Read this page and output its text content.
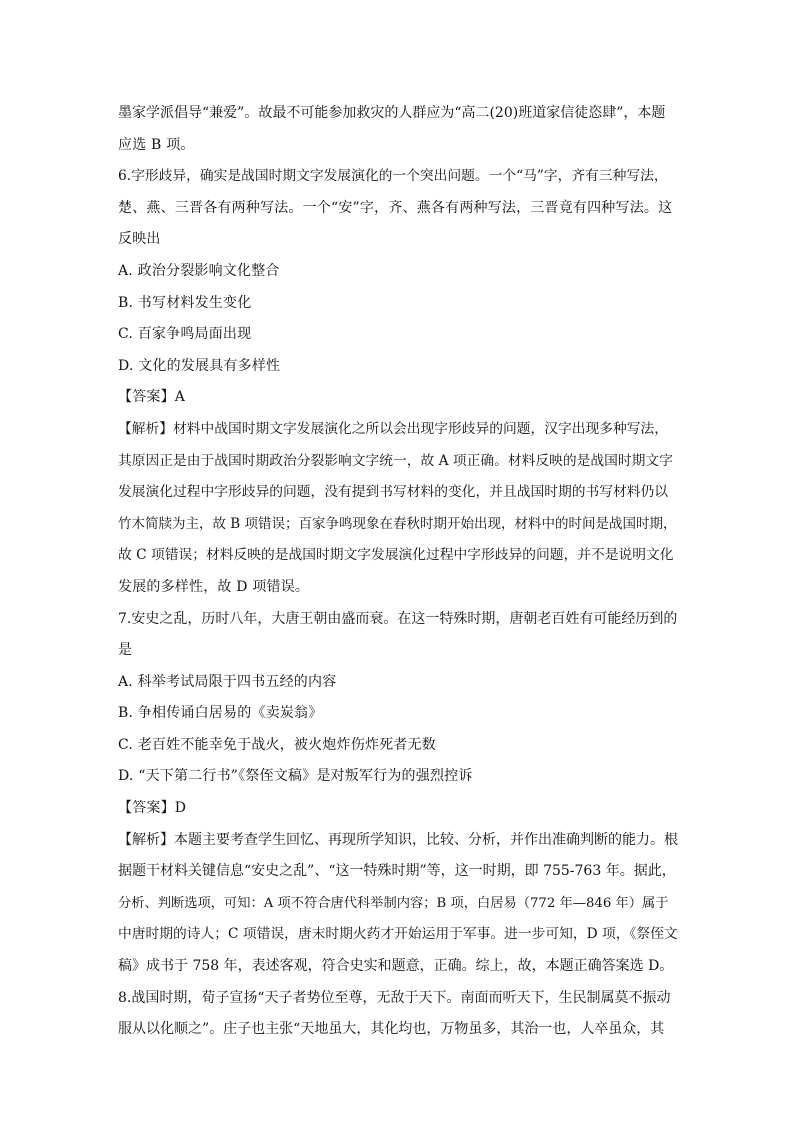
墨家学派倡导“兼爱”。故最不可能参加救灾的人群应为“高二(20)班道家信徒恣肆”，本题
应选 B 项。
6.字形歧异，确实是战国时期文字发展演化的一个突出问题。一个“马”字，齐有三种写法，
楚、燕、三晋各有两种写法。一个“安”字，齐、燕各有两种写法，三晋竟有四种写法。这
反映出
A. 政治分裂影响文化整合
B. 书写材料发生变化
C. 百家争鸣局面出现
D. 文化的发展具有多样性
【答案】A
【解析】材料中战国时期文字发展演化之所以会出现字形歧异的问题，汉字出现多种写法，
其原因正是由于战国时期政治分裂影响文字统一，故 A 项正确。材料反映的是战国时期文字
发展演化过程中字形歧异的问题，没有提到书写材料的变化，并且战国时期的书写材料仍以
竹木简牍为主，故 B 项错误；百家争鸣现象在春秋时期开始出现，材料中的时间是战国时期，
故 C 项错误；材料反映的是战国时期文字发展演化过程中字形歧异的问题，并不是说明文化
发展的多样性，故 D 项错误。
7.安史之乱，历时八年，大唐王朝由盛而衰。在这一特殊时期，唐朝老百姓有可能经历到的
是
A. 科举考试局限于四书五经的内容
B. 争相传诵白居易的《卖炭翁》
C. 老百姓不能幸免于战火，被火炮炸伤炸死者无数
D. “天下第二行书”《祭侄文稿》是对叛军行为的强烈控诉
【答案】D
【解析】本题主要考查学生回忆、再现所学知识，比较、分析，并作出准确判断的能力。根
据题干材料关键信息“安史之乱”、“这一特殊时期”等，这一时期，即 755-763 年。据此，
分析、判断选项，可知：A 项不符合唐代科举制内容；B 项，白居易（772 年—846 年）属于
中唐时期的诗人；C 项错误，唐末时期火药才开始运用于军事。进一步可知，D 项，《祭侄文
稿》成书于 758 年，表述客观，符合史实和题意，正确。综上，故，本题正确答案选 D。
8.战国时期，荀子宣扬“天子者势位至尊，无敌于天下。南面而听天下，生民制属莫不振动
服从以化顺之”。庄子也主张“天地虽大，其化均也，万物虽多，其治一也，人卒虽众，其
